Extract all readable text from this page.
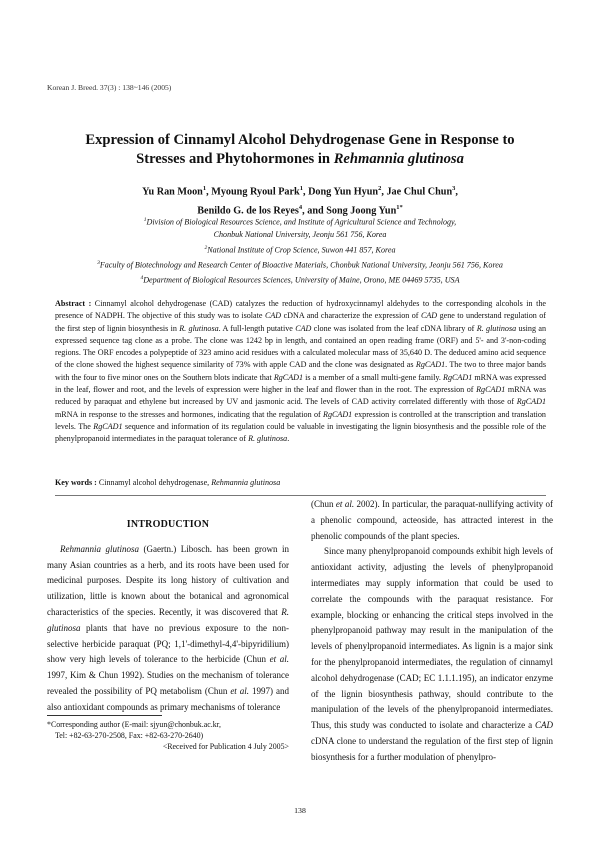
Korean J. Breed. 37(3) : 138~146 (2005)
Expression of Cinnamyl Alcohol Dehydrogenase Gene in Response to
Stresses and Phytohormones in Rehmannia glutinosa
Yu Ran Moon$^1$, Myoung Ryoul Park$^1$, Dong Yun Hyun$^2$, Jae Chul Chun$^3$,
Benildo G. de los Reyes$^4$, and Song Joong Yun$^{1*}$
$^1$Division of Biological Resources Science, and Institute of Agricultural Science and Technology,
Chonbuk National University, Jeonju 561 756, Korea
$^2$National Institute of Crop Science, Suwon 441 857, Korea
$^3$Faculty of Biotechnology and Research Center of Bioactive Materials, Chonbuk National University, Jeonju 561 756, Korea
$^4$Department of Biological Resources Sciences, University of Maine, Orono, ME 04469 5735, USA
Abstract : Cinnamyl alcohol dehydrogenase (CAD) catalyzes the reduction of hydroxycinnamyl aldehydes to the corresponding alcohols in the presence of NADPH. The objective of this study was to isolate CAD cDNA and characterize the expression of CAD gene to understand regulation of the first step of lignin biosynthesis in R. glutinosa. A full-length putative CAD clone was isolated from the leaf cDNA library of R. glutinosa using an expressed sequence tag clone as a probe. The clone was 1242 bp in length, and contained an open reading frame (ORF) and 5'- and 3'-non-coding regions. The ORF encodes a polypeptide of 323 amino acid residues with a calculated molecular mass of 35,640 D. The deduced amino acid sequence of the clone showed the highest sequence similarity of 73% with apple CAD and the clone was designated as RgCAD1. The two to three major bands with the four to five minor ones on the Southern blots indicate that RgCAD1 is a member of a small multi-gene family. RgCAD1 mRNA was expressed in the leaf, flower and root, and the levels of expression were higher in the leaf and flower than in the root. The expression of RgCAD1 mRNA was reduced by paraquat and ethylene but increased by UV and jasmonic acid. The levels of CAD activity correlated differently with those of RgCAD1 mRNA in response to the stresses and hormones, indicating that the regulation of RgCAD1 expression is controlled at the transcription and translation levels. The RgCAD1 sequence and information of its regulation could be valuable in investigating the lignin biosynthesis and the possible role of the phenylpropanoid intermediates in the paraquat tolerance of R. glutinosa.
Key words : Cinnamyl alcohol dehydrogenase, Rehmannia glutinosa
INTRODUCTION

Rehmannia glutinosa (Gaertn.) Libosch. has been grown in many Asian countries as a herb, and its roots have been used for medicinal purposes. Despite its long history of cultivation and utilization, little is known about the botanical and agronomical characteristics of the species. Recently, it was discovered that R. glutinosa plants that have no previous exposure to the non-selective herbicide paraquat (PQ; 1,1'-dimethyl-4,4'-bipyridilium) show very high levels of tolerance to the herbicide (Chun et al. 1997, Kim & Chun 1992). Studies on the mechanism of tolerance revealed the possibility of PQ metabolism (Chun et al. 1997) and also antioxidant compounds as primary mechanisms of tolerance

(Chun et al. 2002). In particular, the paraquat-nullifying activity of a phenolic compound, acteoside, has attracted interest in the phenolic compounds of the plant species.

Since many phenylpropanoid compounds exhibit high levels of antioxidant activity, adjusting the levels of phenylpropanoid intermediates may supply information that could be used to correlate the compounds with the paraquat resistance. For example, blocking or enhancing the critical steps involved in the phenylpropanoid pathway may result in the manipulation of the levels of phenylpropanoid intermediates. As lignin is a major sink for the phenylpropanoid intermediates, the regulation of cinnamyl alcohol dehydrogenase (CAD; EC 1.1.1.195), an indicator enzyme of the lignin biosynthesis pathway, should contribute to the manipulation of the levels of the phenylpropanoid intermediates. Thus, this study was conducted to isolate and characterize a CAD cDNA clone to understand the regulation of the first step of lignin biosynthesis for a further modulation of phenylpro-

*Corresponding author (E-mail: sjyun@chonbuk.ac.kr,
Tel: +82-63-270-2508, Fax: +82-63-270-2640)
<Received for Publication 4 July 2005>
138
